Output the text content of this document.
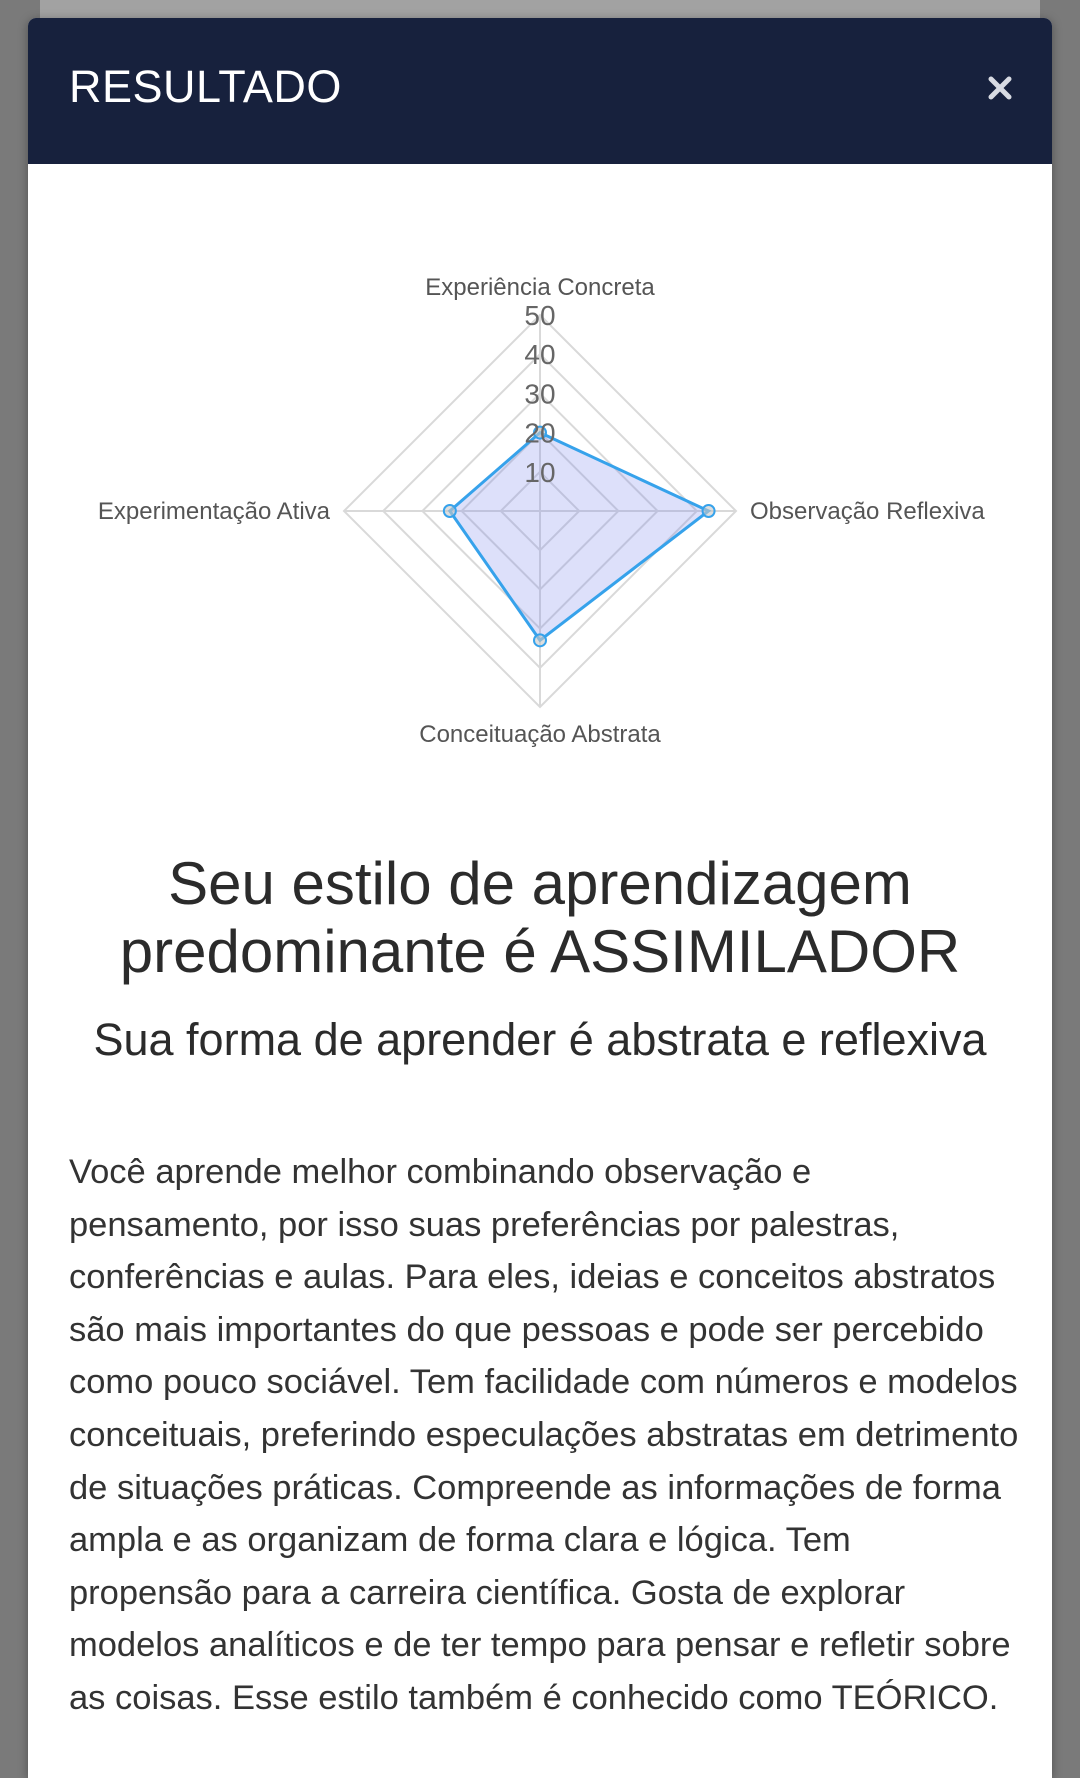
RESULTADO
10
20
30
40
50
Experiência Concreta
Observação Reflexiva
Conceituação Abstrata
Experimentação Ativa
Seu estilo de aprendizagem
predominante é ASSIMILADOR
Sua forma de aprender é abstrata e reflexiva
Você aprende melhor combinando observação e pensamento, por isso suas preferências por palestras, conferências e aulas. Para eles, ideias e conceitos abstratos são mais importantes do que pessoas e pode ser percebido como pouco sociável. Tem facilidade com números e modelos conceituais, preferindo especulações abstratas em detrimento de situações práticas. Compreende as informações de forma ampla e as organizam de forma clara e lógica. Tem propensão para a carreira científica. Gosta de explorar modelos analíticos e de ter tempo para pensar e refletir sobre as coisas. Esse estilo também é conhecido como TEÓRICO.
